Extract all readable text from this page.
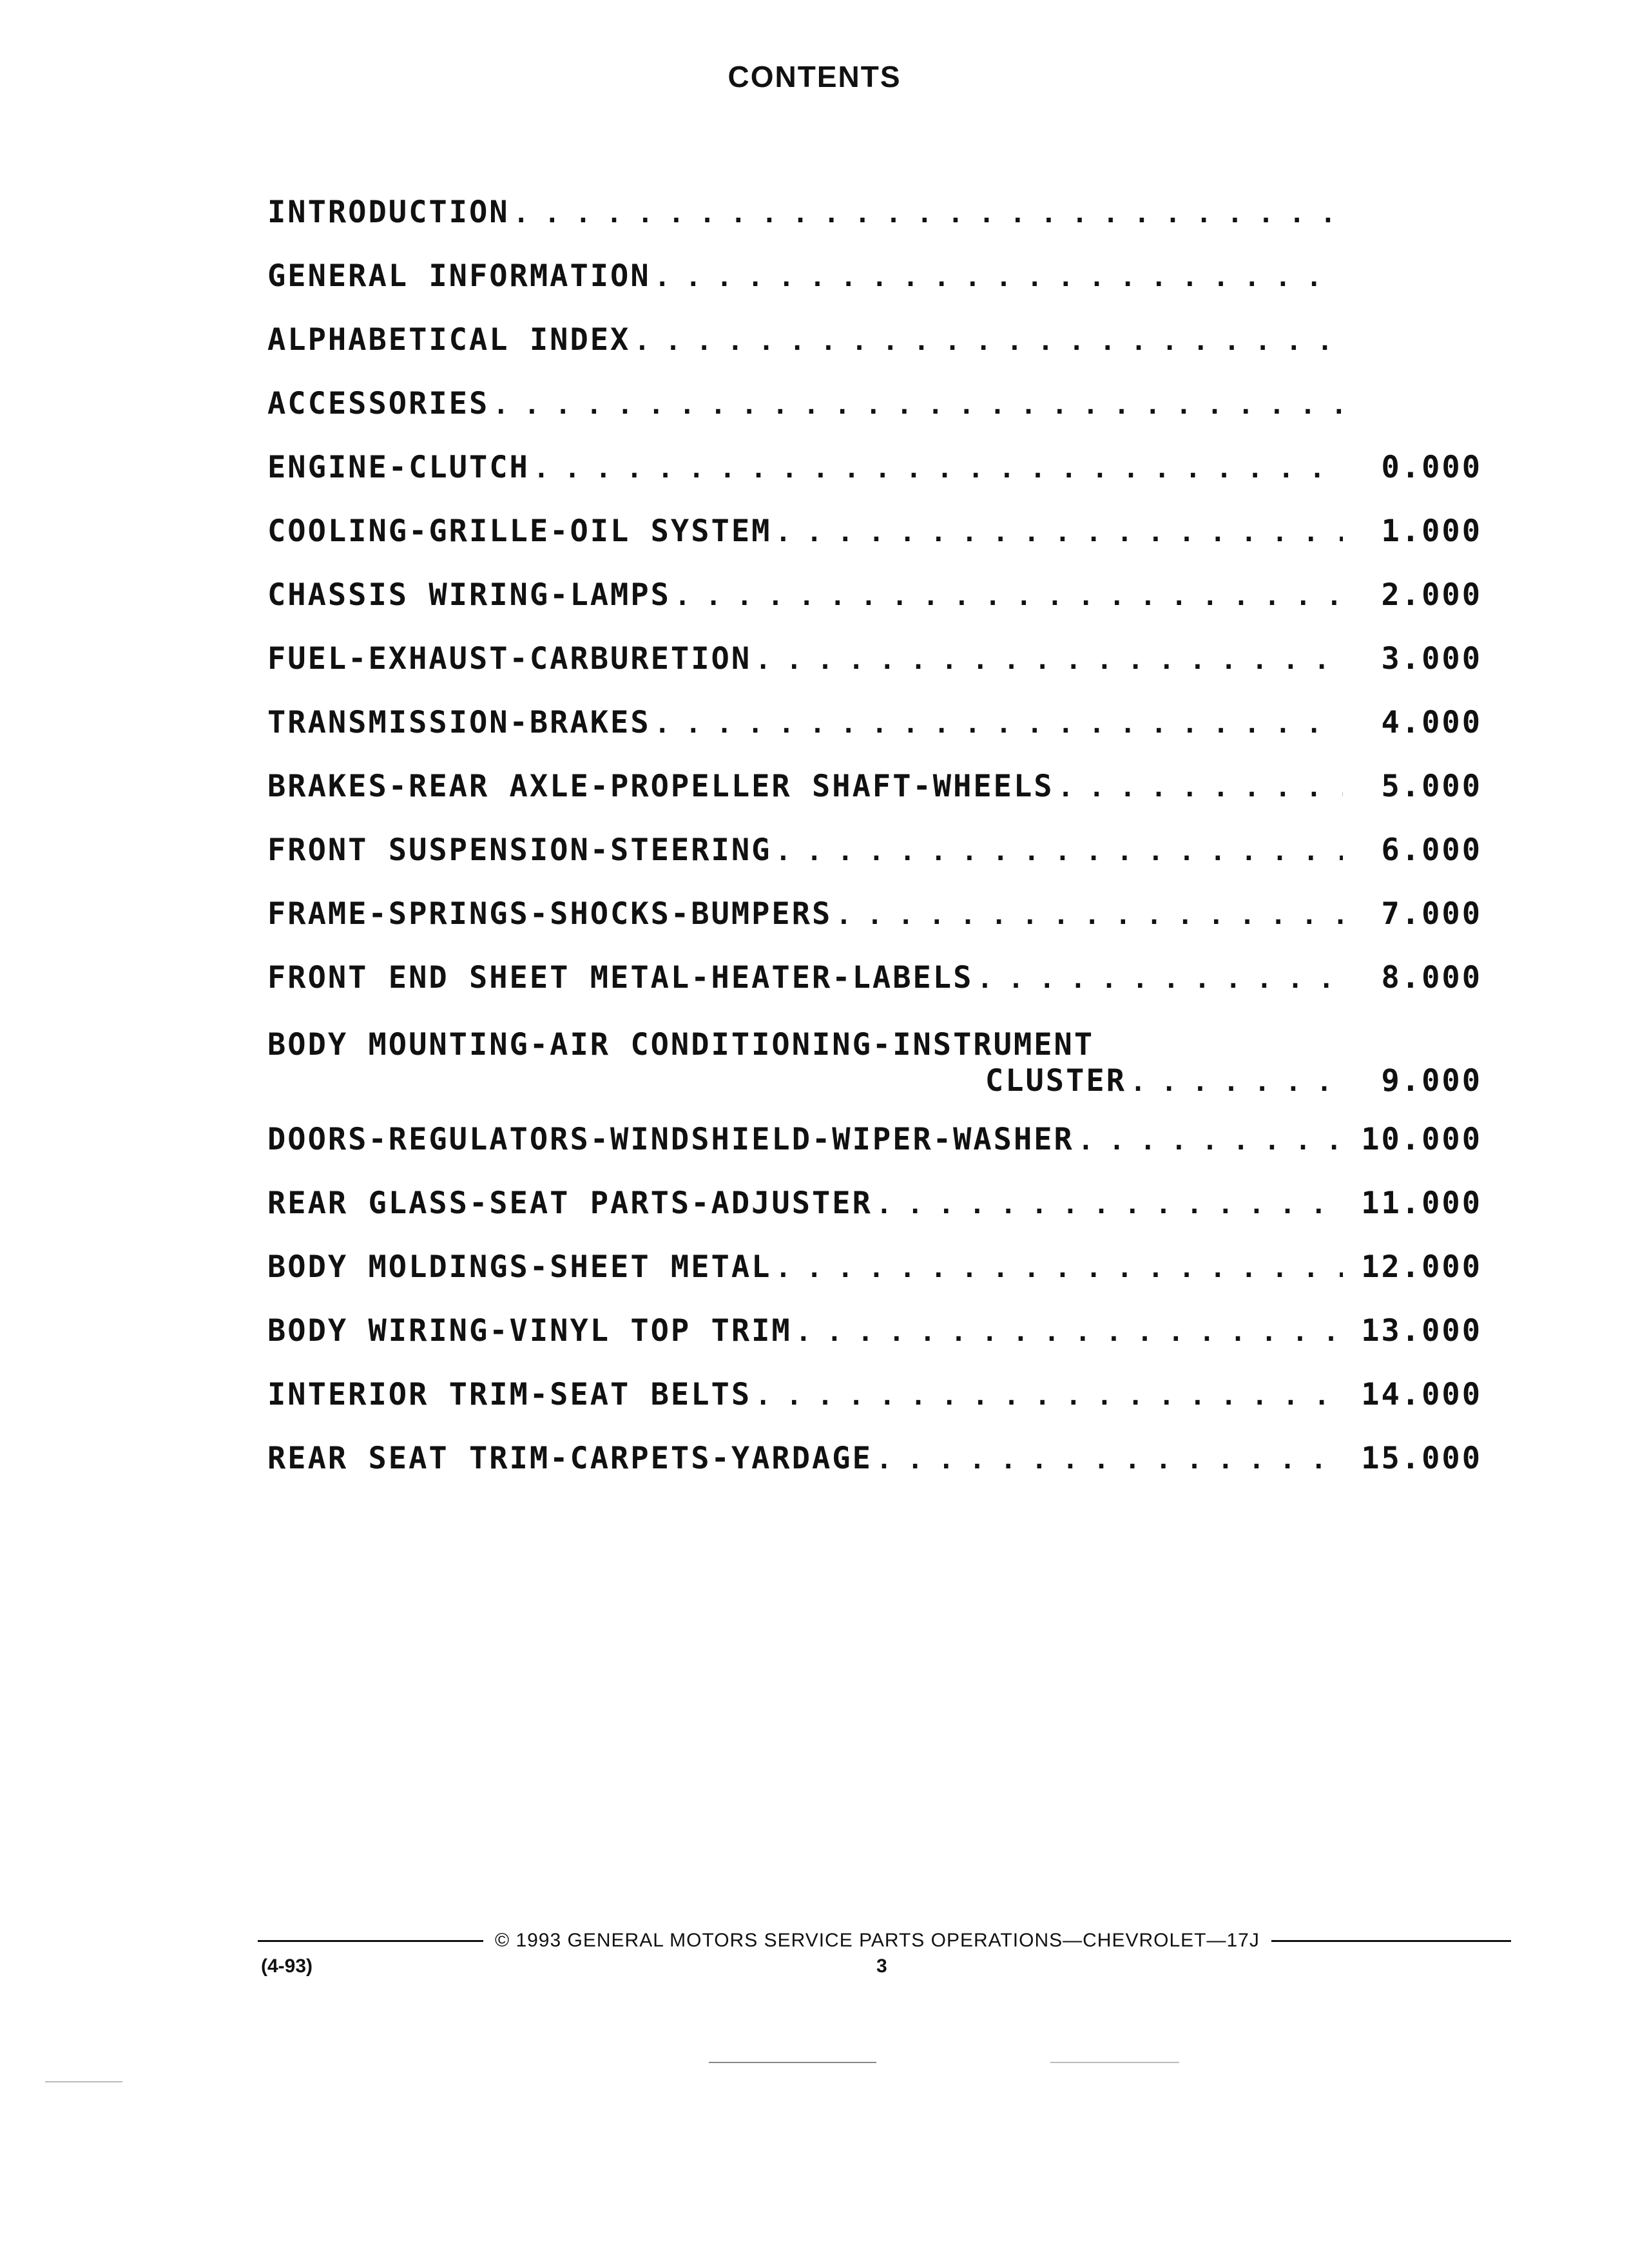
CONTENTS
INTRODUCTION
. . .
GENERAL INFORMATION
. . .
ALPHABETICAL INDEX
. . .
ACCESSORIES
. . .
ENGINE-CLUTCH . . .	0.000
COOLING-GRILLE-OIL SYSTEM . . .	1.000
CHASSIS WIRING-LAMPS . . .	2.000
FUEL-EXHAUST-CARBURETION . . .	3.000
TRANSMISSION-BRAKES . . .	4.000
BRAKES-REAR AXLE-PROPELLER SHAFT-WHEELS . . .	5.000
FRONT SUSPENSION-STEERING . . .	6.000
FRAME-SPRINGS-SHOCKS-BUMPERS . . .	7.000
FRONT END SHEET METAL-HEATER-LABELS . . .	8.000
BODY MOUNTING-AIR CONDITIONING-INSTRUMENT
CLUSTER . . .	9.000
DOORS-REGULATORS-WINDSHIELD-WIPER-WASHER . . .	10.000
REAR GLASS-SEAT PARTS-ADJUSTER . . .	11.000
BODY MOLDINGS-SHEET METAL . . .	12.000
BODY WIRING-VINYL TOP TRIM . . .	13.000
INTERIOR TRIM-SEAT BELTS . . .	14.000
REAR SEAT TRIM-CARPETS-YARDAGE . . .	15.000
© 1993 GENERAL MOTORS SERVICE PARTS OPERATIONS—CHEVROLET—17J
(4-93)	3
